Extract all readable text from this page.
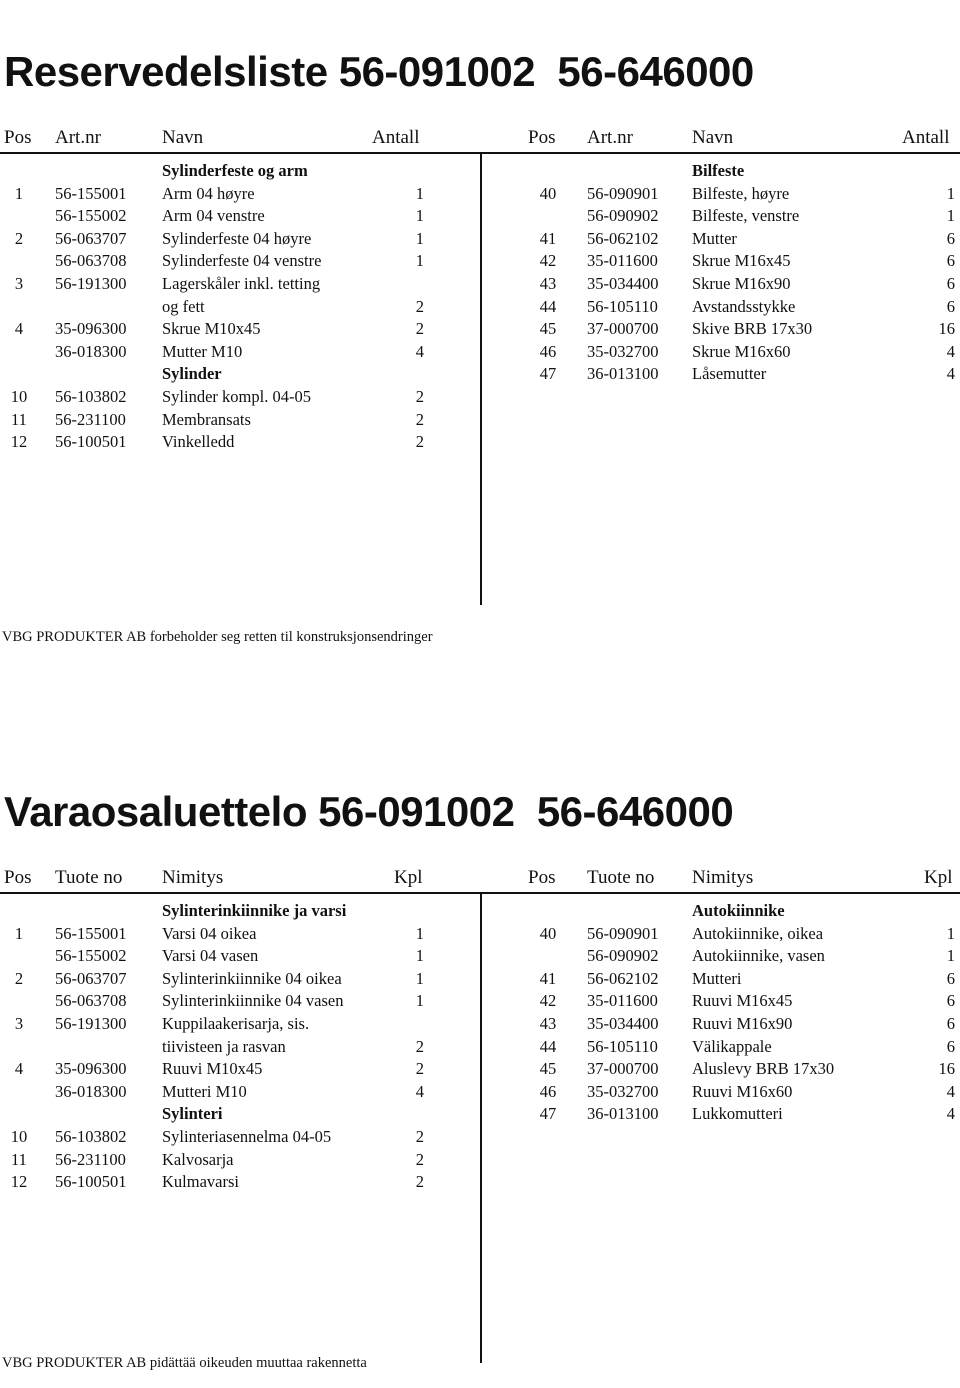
Reservedelsliste 56-091002  56-646000
Pos Art.nr	Navn	Antall	Pos Art.nr	Navn	Antall
Sylinderfeste og arm
1	56-155001 Arm 04 høyre	1
56-155002 Arm 04 venstre	1
2	56-063707 Sylinderfeste 04 høyre	1
56-063708 Sylinderfeste 04 venstre	1
3	56-191300 Lagerskåler inkl. tetting
og fett	2
4	35-096300 Skrue M10x45	2
36-018300 Mutter M10	4
Sylinder
10	56-103802 Sylinder kompl. 04-05	2
11	56-231100 Membransats	2
12	56-100501 Vinkelledd	2
Bilfeste
40	56-090901 Bilfeste, høyre	1
56-090902 Bilfeste, venstre	1
41	56-062102 Mutter	6
42	35-011600 Skrue M16x45	6
43	35-034400 Skrue M16x90	6
44	56-105110 Avstandsstykke	6
45	37-000700 Skive BRB 17x30	16
46	35-032700 Skrue M16x60	4
47	36-013100 Låsemutter	4
VBG PRODUKTER AB forbeholder seg retten til konstruksjonsendringer
Varaosaluettelo 56-091002  56-646000
Pos Tuote no Nimitys	Kpl	Pos Tuote no Nimitys	Kpl
Sylinterinkiinnike ja varsi
1	56-155001 Varsi 04 oikea	1
56-155002 Varsi 04 vasen	1
2	56-063707 Sylinterinkiinnike 04 oikea	1
56-063708 Sylinterinkiinnike 04 vasen	1
3	56-191300 Kuppilaakerisarja, sis.
tiivisteen ja rasvan	2
4	35-096300 Ruuvi M10x45	2
36-018300 Mutteri M10	4
Sylinteri
10	56-103802 Sylinteriasennelma 04-05	2
11	56-231100 Kalvosarja	2
12	56-100501 Kulmavarsi	2
Autokiinnike
40	56-090901 Autokiinnike, oikea	1
56-090902 Autokiinnike, vasen	1
41	56-062102 Mutteri	6
42	35-011600 Ruuvi M16x45	6
43	35-034400 Ruuvi M16x90	6
44	56-105110 Välikappale	6
45	37-000700 Aluslevy BRB 17x30	16
46	35-032700 Ruuvi M16x60	4
47	36-013100 Lukkomutteri	4
VBG PRODUKTER AB pidättää oikeuden muuttaa rakennetta
